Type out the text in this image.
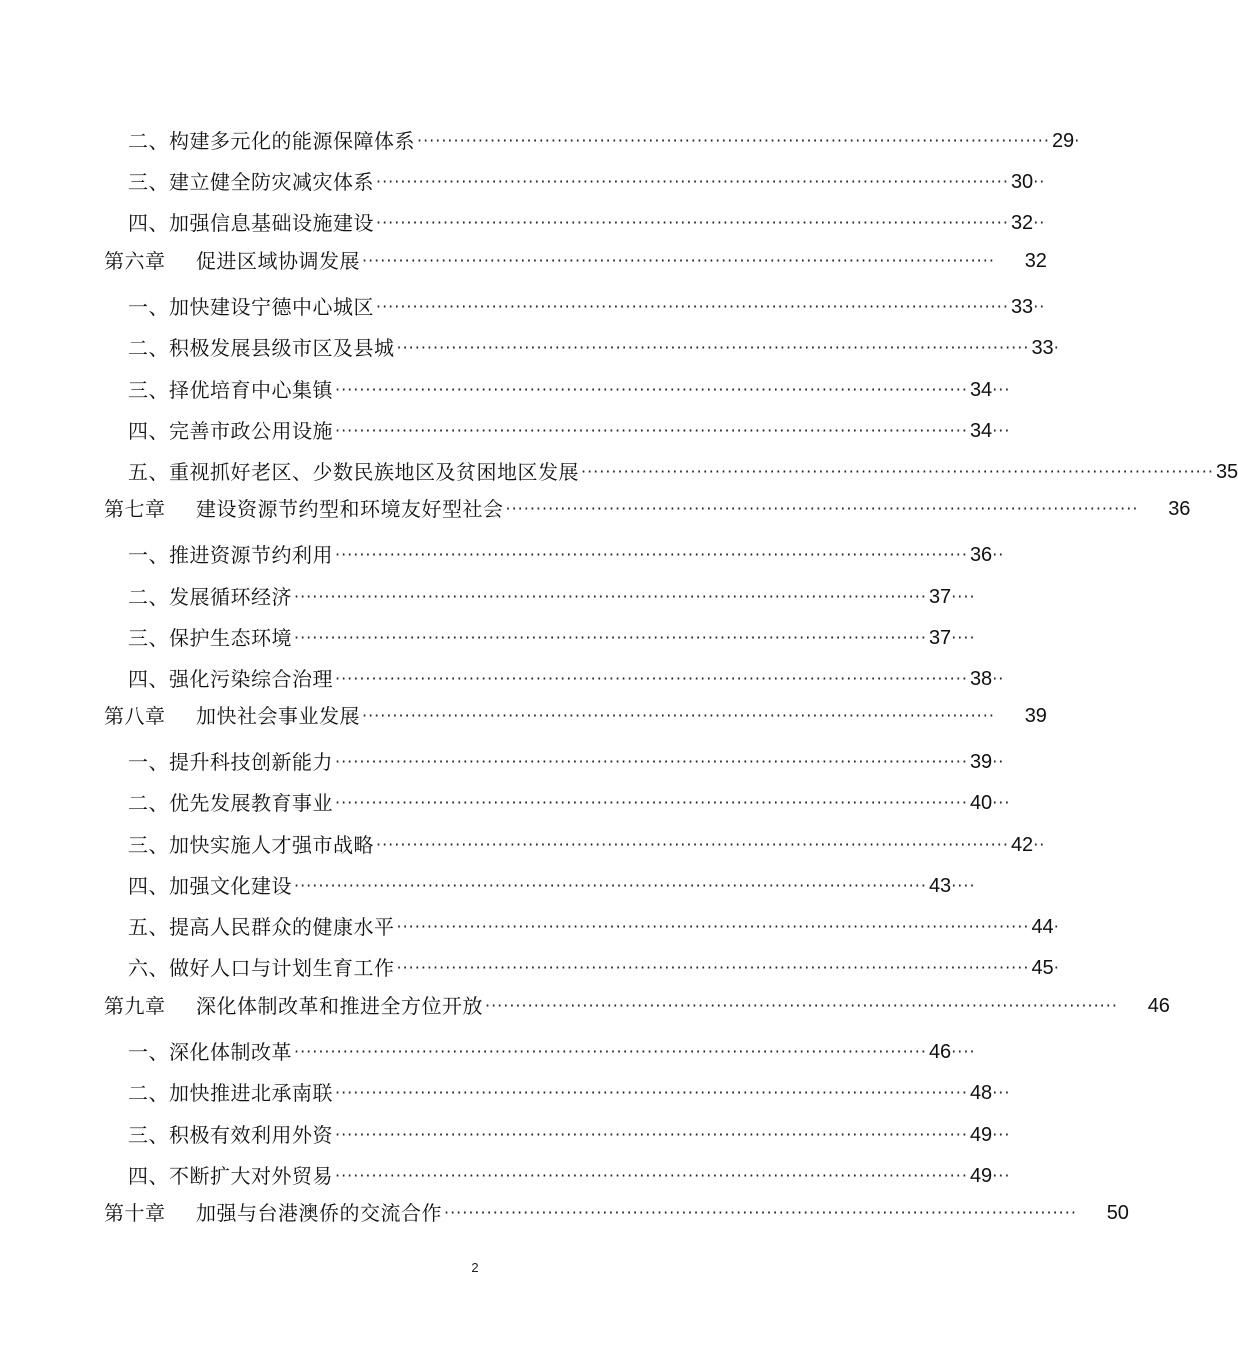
二、构建多元化的能源保障体系 ········································································································ 29 ·
三、建立健全防灾减灾体系 ········································································································ 30 ··
四、加强信息基础设施建设 ········································································································ 32 ··
第六章	促进区域协调发展 ········································································································ 32
一、加快建设宁德中心城区 ········································································································ 33 ··
二、积极发展县级市区及县城 ········································································································ 33 ·
三、择优培育中心集镇 ········································································································ 34 ···
四、完善市政公用设施 ········································································································ 34 ···
五、重视抓好老区、少数民族地区及贫困地区发展 ········································································································ 35
第七章	建设资源节约型和环境友好型社会 ········································································································ 36
一、推进资源节约利用 ········································································································ 36 ··
二、发展循环经济 ········································································································ 37 ····
三、保护生态环境 ········································································································ 37 ····
四、强化污染综合治理 ········································································································ 38 ··
第八章	加快社会事业发展 ········································································································ 39
一、提升科技创新能力 ········································································································ 39 ··
二、优先发展教育事业 ········································································································ 40 ···
三、加快实施人才强市战略 ········································································································ 42 ··
四、加强文化建设 ········································································································ 43 ····
五、提高人民群众的健康水平 ········································································································ 44 ·
六、做好人口与计划生育工作 ········································································································ 45 ·
第九章	深化体制改革和推进全方位开放 ········································································································ 46
一、深化体制改革 ········································································································ 46 ····
二、加快推进北承南联 ········································································································ 48 ···
三、积极有效利用外资 ········································································································ 49 ···
四、不断扩大对外贸易 ········································································································ 49 ···
第十章	加强与台港澳侨的交流合作 ········································································································ 50
2
